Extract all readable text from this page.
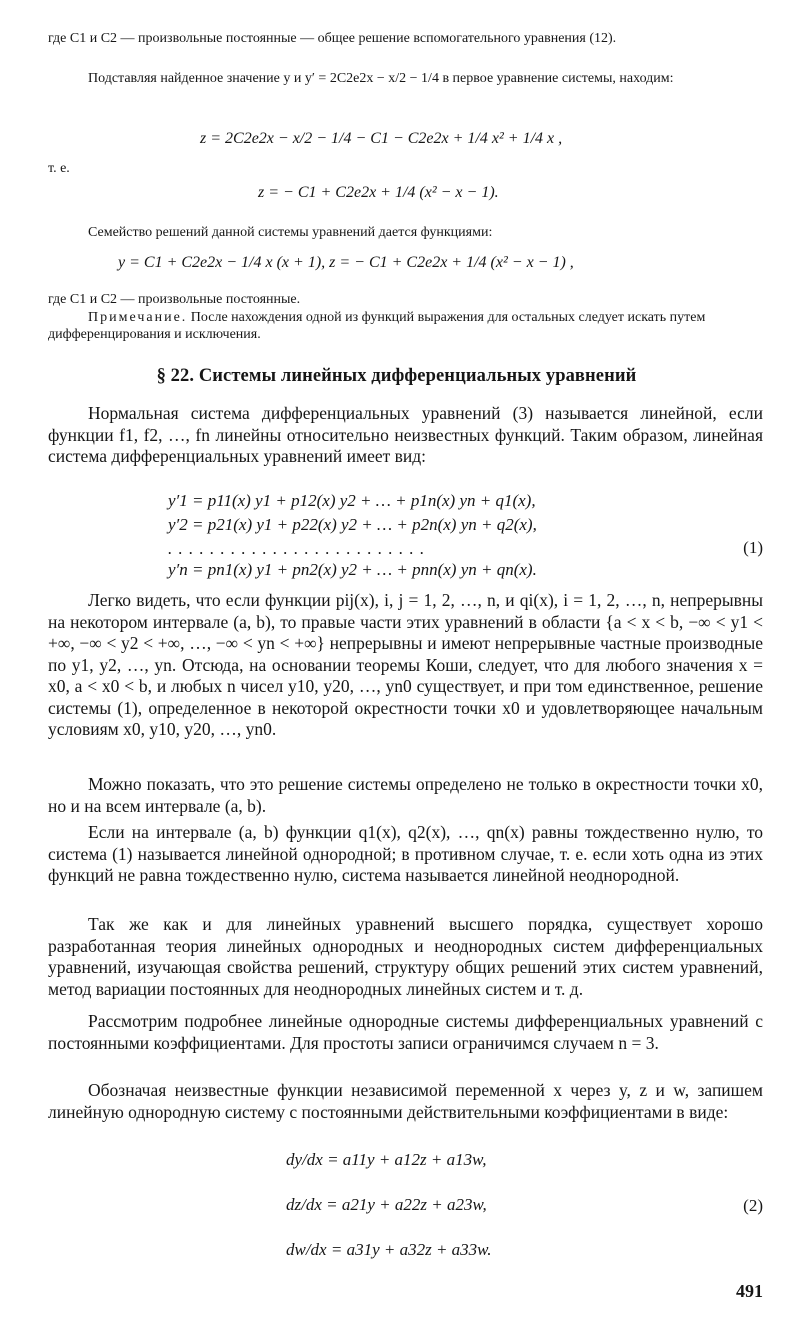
где C1 и C2 — произвольные постоянные — общее решение вспомогательного уравнения (12).

Подставляя найденное значение y и y′ = 2C2e2x − x/2 − 1/4 в первое уравнение системы, находим:

z = 2C2e2x − x/2 − 1/4 − C1 − C2e2x + 1/4 x² + 1/4 x ,
т. е.
z = − C1 + C2e2x + 1/4 (x² − x − 1).

Семейство решений данной системы уравнений дается функциями:

y = C1 + C2e2x − 1/4 x (x + 1), z = − C1 + C2e2x + 1/4 (x² − x − 1) ,

где C1 и C2 — произвольные постоянные.

Примечание. После нахождения одной из функций выражения для остальных следует искать путем дифференцирования и исключения.

§ 22. Системы линейных дифференциальных уравнений

Нормальная система дифференциальных уравнений (3) называется линейной, если функции f1, f2, …, fn линейны относительно неизвестных функций. Таким образом, линейная система дифференциальных уравнений имеет вид:

y′1 = p11(x) y1 + p12(x) y2 + … + p1n(x) yn + q1(x),
y′2 = p21(x) y1 + p22(x) y2 + … + p2n(x) yn + q2(x),
. . . . . . . . . . . . . . . . . . . . . . . . .
y′n = pn1(x) y1 + pn2(x) y2 + … + pnn(x) yn + qn(x).
(1)

Легко видеть, что если функции pij(x), i, j = 1, 2, …, n, и qi(x), i = 1, 2, …, n, непрерывны на некотором интервале (a, b), то правые части этих уравнений в области {a < x < b, −∞ < y1 < +∞, −∞ < y2 < +∞, …, −∞ < yn < +∞} непрерывны и имеют непрерывные частные производные по y1, y2, …, yn. Отсюда, на основании теоремы Коши, следует, что для любого значения x = x0, a < x0 < b, и любых n чисел y10, y20, …, yn0 существует, и при том единственное, решение системы (1), определенное в некоторой окрестности точки x0 и удовлетворяющее начальным условиям x0, y10, y20, …, yn0.

Можно показать, что это решение системы определено не только в окрестности точки x0, но и на всем интервале (a, b).

Если на интервале (a, b) функции q1(x), q2(x), …, qn(x) равны тождественно нулю, то система (1) называется линейной однородной; в противном случае, т. е. если хоть одна из этих функций не равна тождественно нулю, система называется линейной неоднородной.

Так же как и для линейных уравнений высшего порядка, существует хорошо разработанная теория линейных однородных и неоднородных систем дифференциальных уравнений, изучающая свойства решений, структуру общих решений этих систем уравнений, метод вариации постоянных для неоднородных линейных систем и т. д.

Рассмотрим подробнее линейные однородные системы дифференциальных уравнений с постоянными коэффициентами. Для простоты записи ограничимся случаем n = 3.

Обозначая неизвестные функции независимой переменной x через y, z и w, запишем линейную однородную систему с постоянными действительными коэффициентами в виде:

dy/dx = a11y + a12z + a13w,
dz/dx = a21y + a22z + a23w,
dw/dx = a31y + a32z + a33w.
(2)
491
